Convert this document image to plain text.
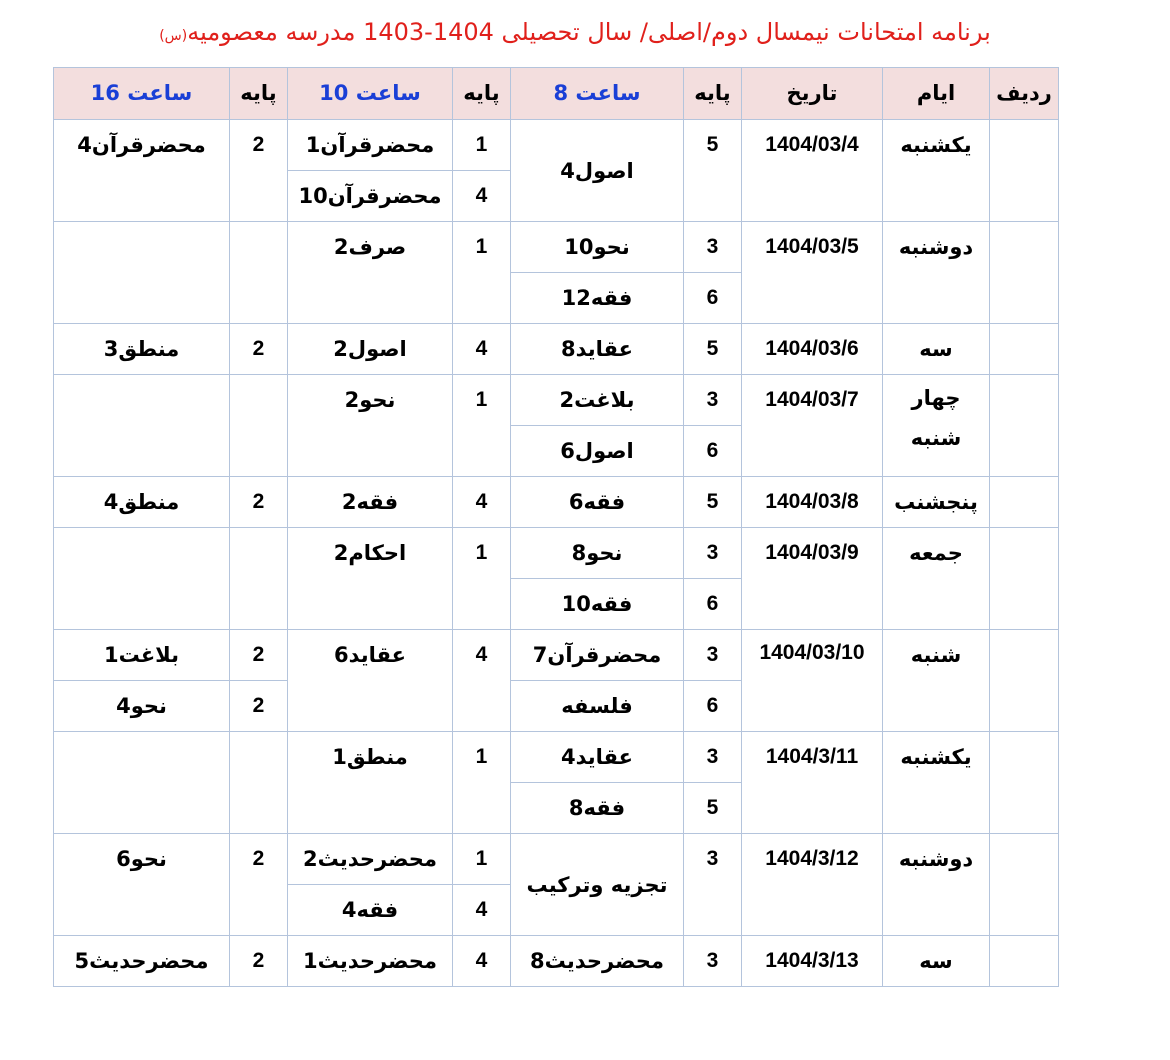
برنامه امتحانات نیمسال دوم/اصلی/ سال تحصیلی 1404-1403 مدرسه معصومیه(س)
ردیف	ایام	تاریخ	پایه	ساعت 8	پایه	ساعت 10	پایه	ساعت 16
	یکشنبه	1404/03/4	5	اصول4	1	محضرقرآن1	2	محضرقرآن4
					4	محضرقرآن10		
	دوشنبه	1404/03/5	3	نحو10	1	صرف2		
			6	فقه12				
	سه	1404/03/6	5	عقاید8	4	اصول2	2	منطق3
	چهار شنبه	1404/03/7	3	بلاغت2	1	نحو2		
			6	اصول6				
	پنجشنب	1404/03/8	5	فقه6	4	فقه2	2	منطق4
	جمعه	1404/03/9	3	نحو8	1	احکام2		
			6	فقه10				
	شنبه	1404/03/10	3	محضرقرآن7	4	عقاید6	2	بلاغت1
			6	فلسفه			2	نحو4
	یکشنبه	1404/3/11	3	عقاید4	1	منطق1		
			5	فقه8				
	دوشنبه	1404/3/12	3	تجزیه وترکیب	1	محضرحدیث2	2	نحو6
					4	فقه4		
	سه	1404/3/13	3	محضرحدیث8	4	محضرحدیث1	2	محضرحدیث5
